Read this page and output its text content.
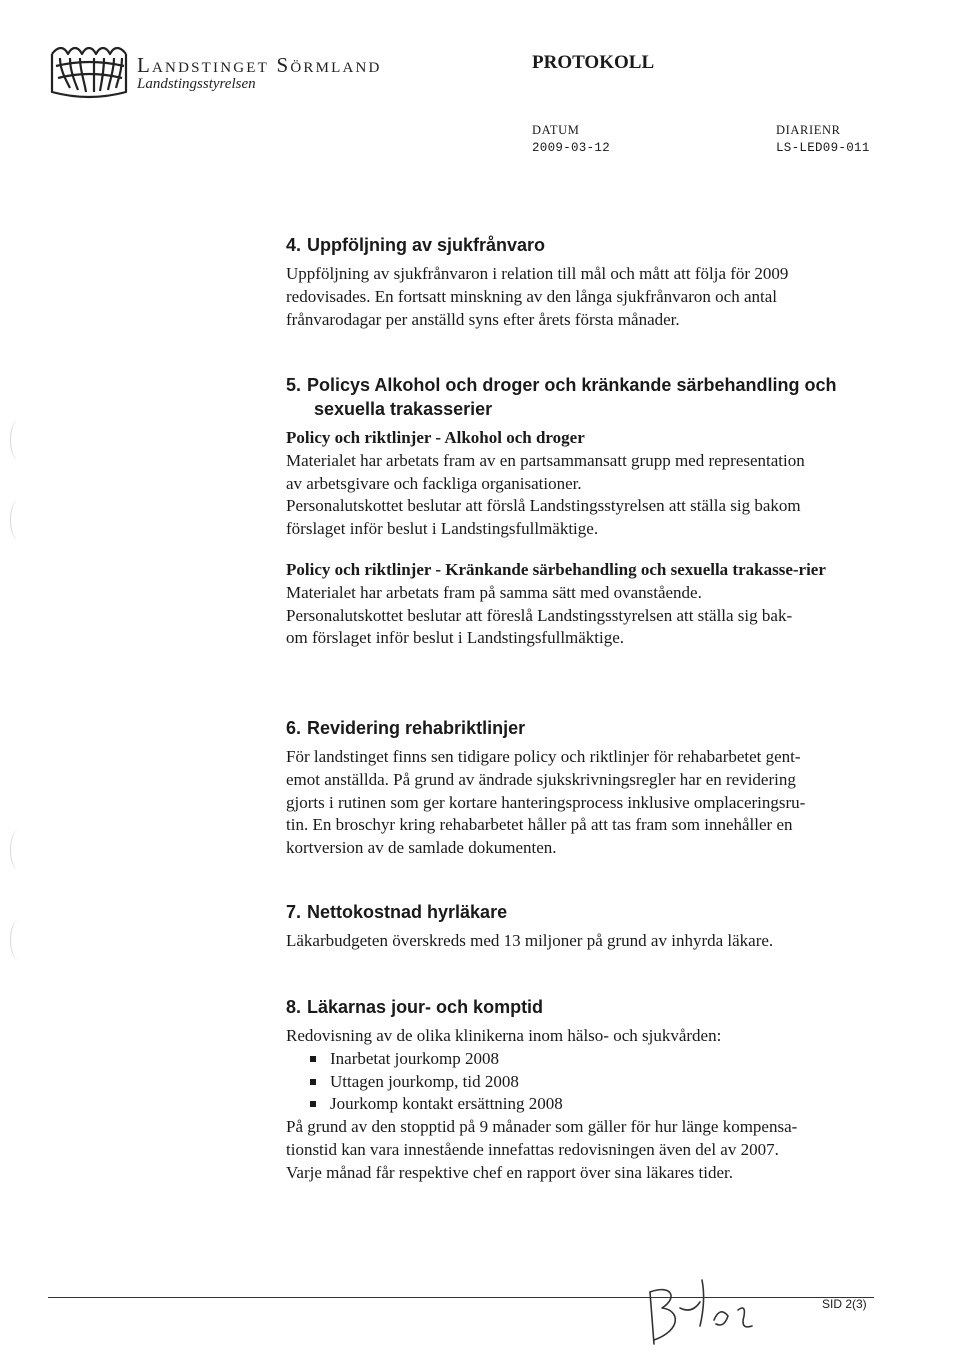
Landstinget Sörmland
Landstingsstyrelsen
PROTOKOLL
DATUM
2009-03-12
DIARIENR
LS-LED09-011
4. Uppföljning av sjukfrånvaro

Uppföljning av sjukfrånvaron i relation till mål och mått att följa för 2009

redovisades. En fortsatt minskning av den långa sjukfrånvaron och antal

frånvarodagar per anställd syns efter årets första månader.

5. Policys Alkohol och droger och kränkande särbehandling och sexuella trakasserier

Policy och riktlinjer - Alkohol och droger

Materialet har arbetats fram av en partsammansatt grupp med representation

av arbetsgivare och fackliga organisationer.

Personalutskottet beslutar att förslå Landstingsstyrelsen att ställa sig bakom

förslaget inför beslut i Landstingsfullmäktige.

Policy och riktlinjer - Kränkande särbehandling och sexuella trakasse-rier

Materialet har arbetats fram på samma sätt med ovanstående.

Personalutskottet beslutar att föreslå Landstingsstyrelsen att ställa sig bak-

om förslaget inför beslut i Landstingsfullmäktige.

6. Revidering rehabriktlinjer

För landstinget finns sen tidigare policy och riktlinjer för rehabarbetet gent-

emot anställda. På grund av ändrade sjukskrivningsregler har en revidering

gjorts i rutinen som ger kortare hanteringsprocess inklusive omplaceringsru-

tin. En broschyr kring rehabarbetet håller på att tas fram som innehåller en

kortversion av de samlade dokumenten.

7. Nettokostnad hyrläkare

Läkarbudgeten överskreds med 13 miljoner på grund av inhyrda läkare.

8. Läkarnas jour- och komptid

Redovisning av de olika klinikerna inom hälso- och sjukvården:

Inarbetat jourkomp 2008
Uttagen jourkomp, tid 2008
Jourkomp kontakt ersättning 2008

På grund av den stopptid på 9 månader som gäller för hur länge kompensa-

tionstid kan vara innestående innefattas redovisningen även del av 2007.

Varje månad får respektive chef en rapport över sina läkares tider.

SID 2(3)
